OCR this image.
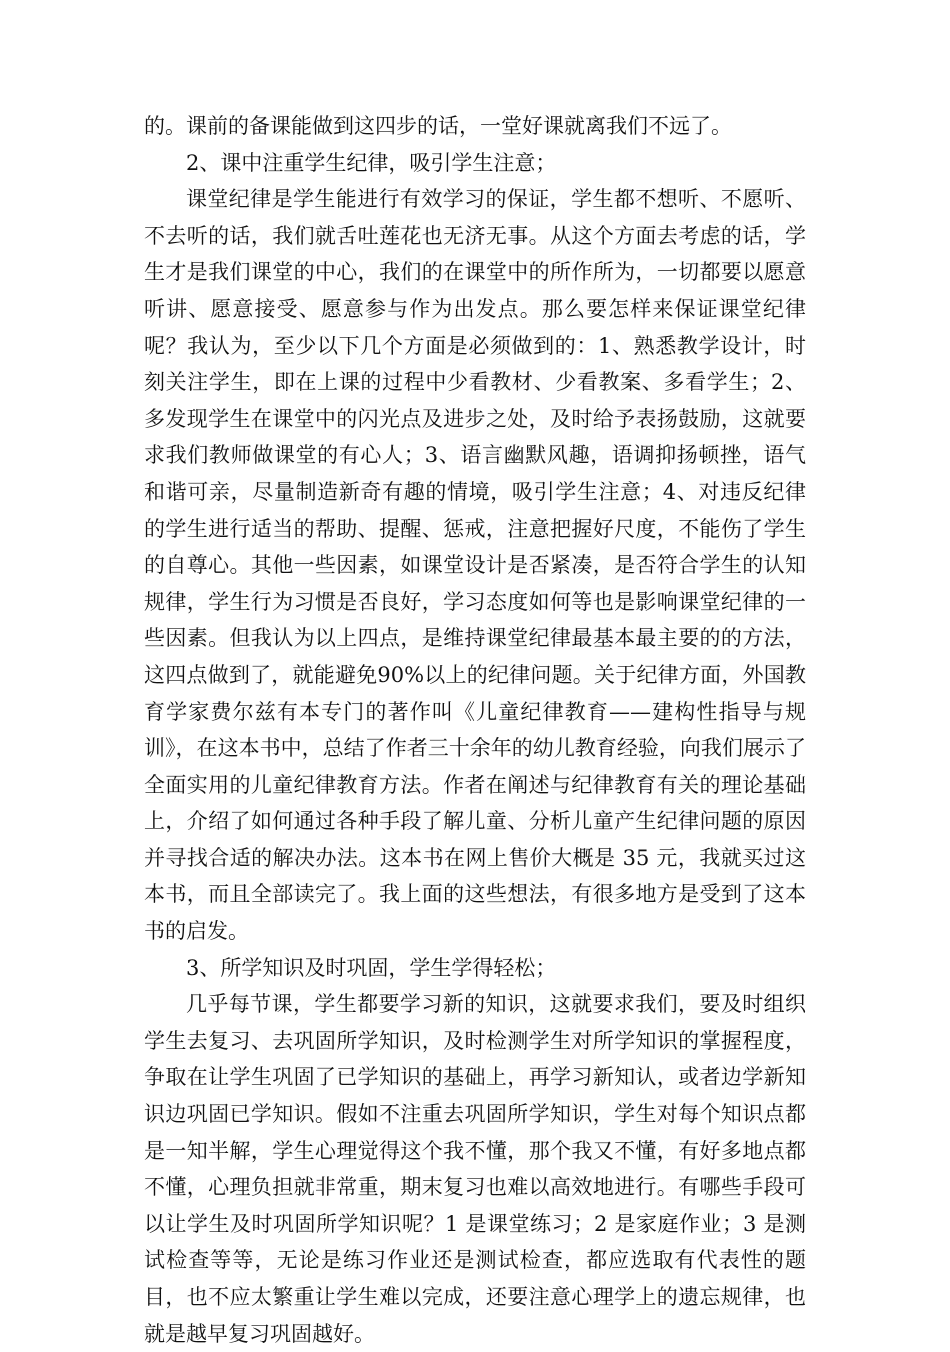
的。课前的备课能做到这四步的话，一堂好课就离我们不远了。

2、课中注重学生纪律，吸引学生注意；

课堂纪律是学生能进行有效学习的保证，学生都不想听、不愿听、不去听的话，我们就舌吐莲花也无济无事。从这个方面去考虑的话，学生才是我们课堂的中心，我们的在课堂中的所作所为，一切都要以愿意听讲、愿意接受、愿意参与作为出发点。那么要怎样来保证课堂纪律呢？我认为，至少以下几个方面是必须做到的：1、熟悉教学设计，时刻关注学生，即在上课的过程中少看教材、少看教案、多看学生；2、多发现学生在课堂中的闪光点及进步之处，及时给予表扬鼓励，这就要求我们教师做课堂的有心人；3、语言幽默风趣，语调抑扬顿挫，语气和谐可亲，尽量制造新奇有趣的情境，吸引学生注意；4、对违反纪律的学生进行适当的帮助、提醒、惩戒，注意把握好尺度，不能伤了学生的自尊心。其他一些因素，如课堂设计是否紧凑，是否符合学生的认知规律，学生行为习惯是否良好，学习态度如何等也是影响课堂纪律的一些因素。但我认为以上四点，是维持课堂纪律最基本最主要的的方法，这四点做到了，就能避免90%以上的纪律问题。关于纪律方面，外国教育学家费尔兹有本专门的著作叫《儿童纪律教育——建构性指导与规训》，在这本书中，总结了作者三十余年的幼儿教育经验，向我们展示了全面实用的儿童纪律教育方法。作者在阐述与纪律教育有关的理论基础上，介绍了如何通过各种手段了解儿童、分析儿童产生纪律问题的原因并寻找合适的解决办法。这本书在网上售价大概是 35 元，我就买过这本书，而且全部读完了。我上面的这些想法，有很多地方是受到了这本书的启发。

3、所学知识及时巩固，学生学得轻松；

几乎每节课，学生都要学习新的知识，这就要求我们，要及时组织学生去复习、去巩固所学知识，及时检测学生对所学知识的掌握程度，争取在让学生巩固了已学知识的基础上，再学习新知认，或者边学新知识边巩固已学知识。假如不注重去巩固所学知识，学生对每个知识点都是一知半解，学生心理觉得这个我不懂，那个我又不懂，有好多地点都不懂，心理负担就非常重，期末复习也难以高效地进行。有哪些手段可以让学生及时巩固所学知识呢？1 是课堂练习；2 是家庭作业；3 是测试检查等等，无论是练习作业还是测试检查，都应选取有代表性的题目，也不应太繁重让学生难以完成，还要注意心理学上的遗忘规律，也就是越早复习巩固越好。
